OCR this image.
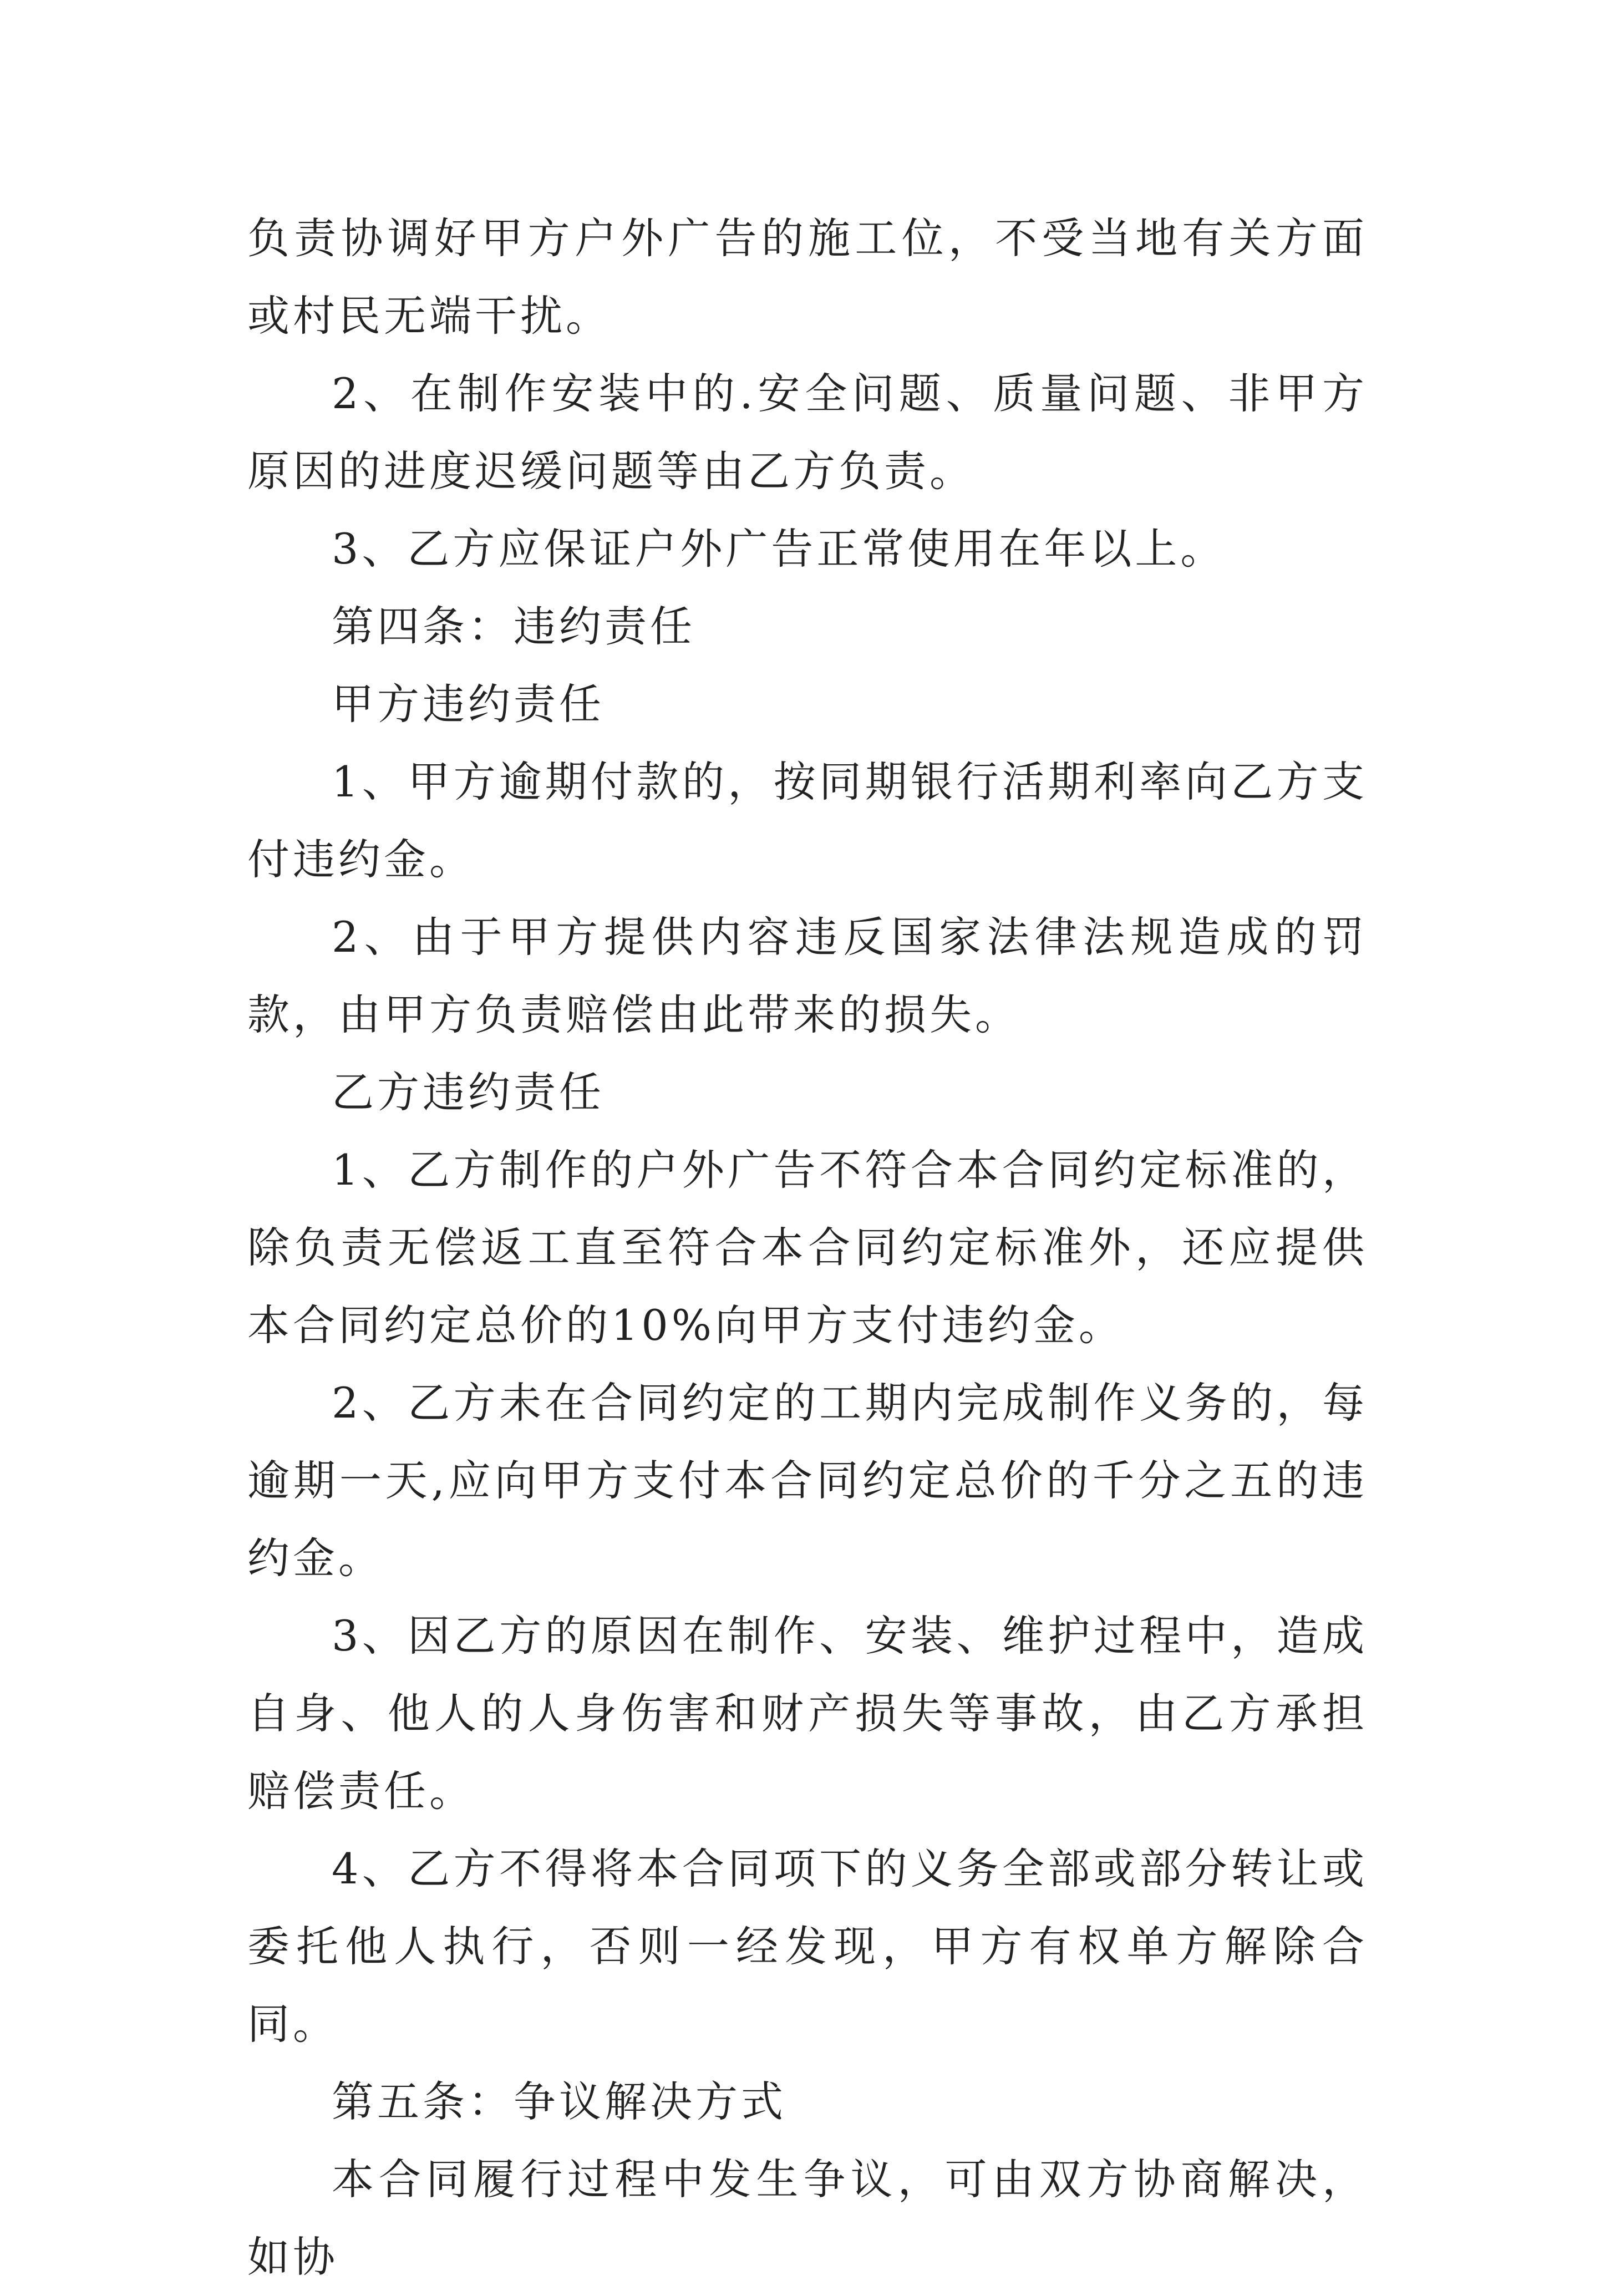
负责协调好甲方户外广告的施工位，不受当地有关方面或村民无端干扰。

2、在制作安装中的.安全问题、质量问题、非甲方原因的进度迟缓问题等由乙方负责。

3、乙方应保证户外广告正常使用在年以上。

第四条：违约责任

甲方违约责任

1、甲方逾期付款的，按同期银行活期利率向乙方支付违约金。

2、由于甲方提供内容违反国家法律法规造成的罚款，由甲方负责赔偿由此带来的损失。

乙方违约责任

1、乙方制作的户外广告不符合本合同约定标准的，除负责无偿返工直至符合本合同约定标准外，还应提供本合同约定总价的10%向甲方支付违约金。

2、乙方未在合同约定的工期内完成制作义务的，每逾期一天,应向甲方支付本合同约定总价的千分之五的违约金。

3、因乙方的原因在制作、安装、维护过程中，造成自身、他人的人身伤害和财产损失等事故，由乙方承担赔偿责任。

4、乙方不得将本合同项下的义务全部或部分转让或委托他人执行，否则一经发现，甲方有权单方解除合同。

第五条：争议解决方式

本合同履行过程中发生争议，可由双方协商解决，如协
